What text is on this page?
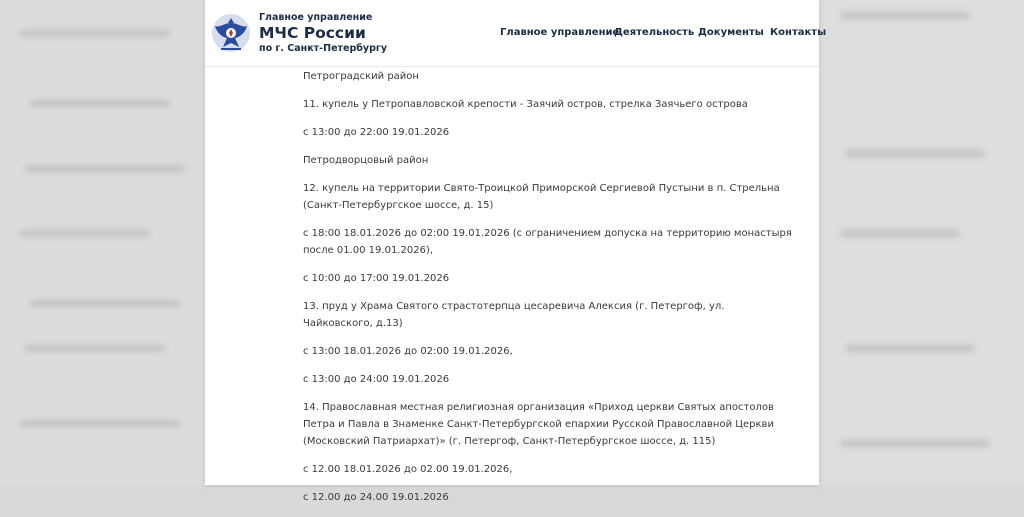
Главное управление
МЧС России
по г. Санкт-Петербургу
Главное управление
Деятельность Документы Контакты

Петроградский район

11. купель у Петропавловской крепости - Заячий остров, стрелка Заячьего острова

с 13:00 до 22:00 19.01.2026

Петродворцовый район

12. купель на территории Свято-Троицкой Приморской Сергиевой Пустыни в п. Стрельна (Санкт-Петербургское шоссе, д. 15)

с 18:00 18.01.2026 до 02:00 19.01.2026 (с ограничением допуска на территорию монастыря после 01.00 19.01.2026),

с 10:00 до 17:00 19.01.2026

13. пруд у Храма Святого страстотерпца цесаревича Алексия (г. Петергоф, ул. Чайковского, д.13)

с 13:00 18.01.2026 до 02:00 19.01.2026,

с 13:00 до 24:00 19.01.2026

14. Православная местная религиозная организация «Приход церкви Святых апостолов Петра и Павла в Знаменке Санкт-Петербургской епархии Русской Православной Церкви (Московский Патриархат)» (г. Петергоф, Санкт-Петербургское шоссе, д. 115)

с 12.00 18.01.2026 до 02.00 19.01.2026,

с 12.00 до 24.00 19.01.2026
